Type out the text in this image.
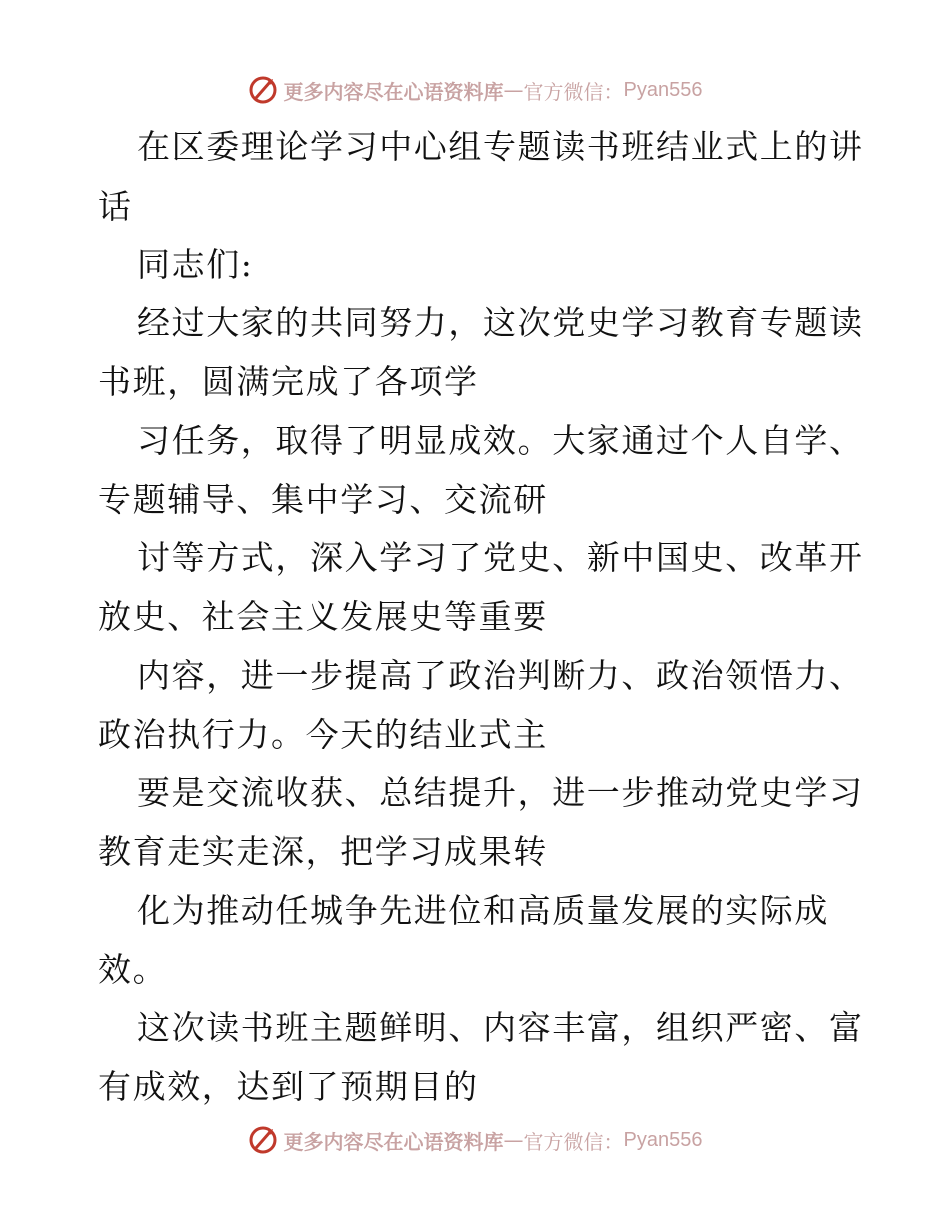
更多内容尽在心语资料库 — 官方微信： Pyan556
在区委理论学习中心组专题读书班结业式上的讲
话
同志们:
经过大家的共同努力，这次党史学习教育专题读
书班，圆满完成了各项学
习任务，取得了明显成效。大家通过个人自学、
专题辅导、集中学习、交流研
讨等方式，深入学习了党史、新中国史、改革开
放史、社会主义发展史等重要
内容，进一步提高了政治判断力、政治领悟力、
政治执行力。今天的结业式主
要是交流收获、总结提升，进一步推动党史学习
教育走实走深，把学习成果转
化为推动任城争先进位和高质量发展的实际成
效。
这次读书班主题鲜明、内容丰富，组织严密、富
有成效，达到了预期目的
更多内容尽在心语资料库 — 官方微信： Pyan556
